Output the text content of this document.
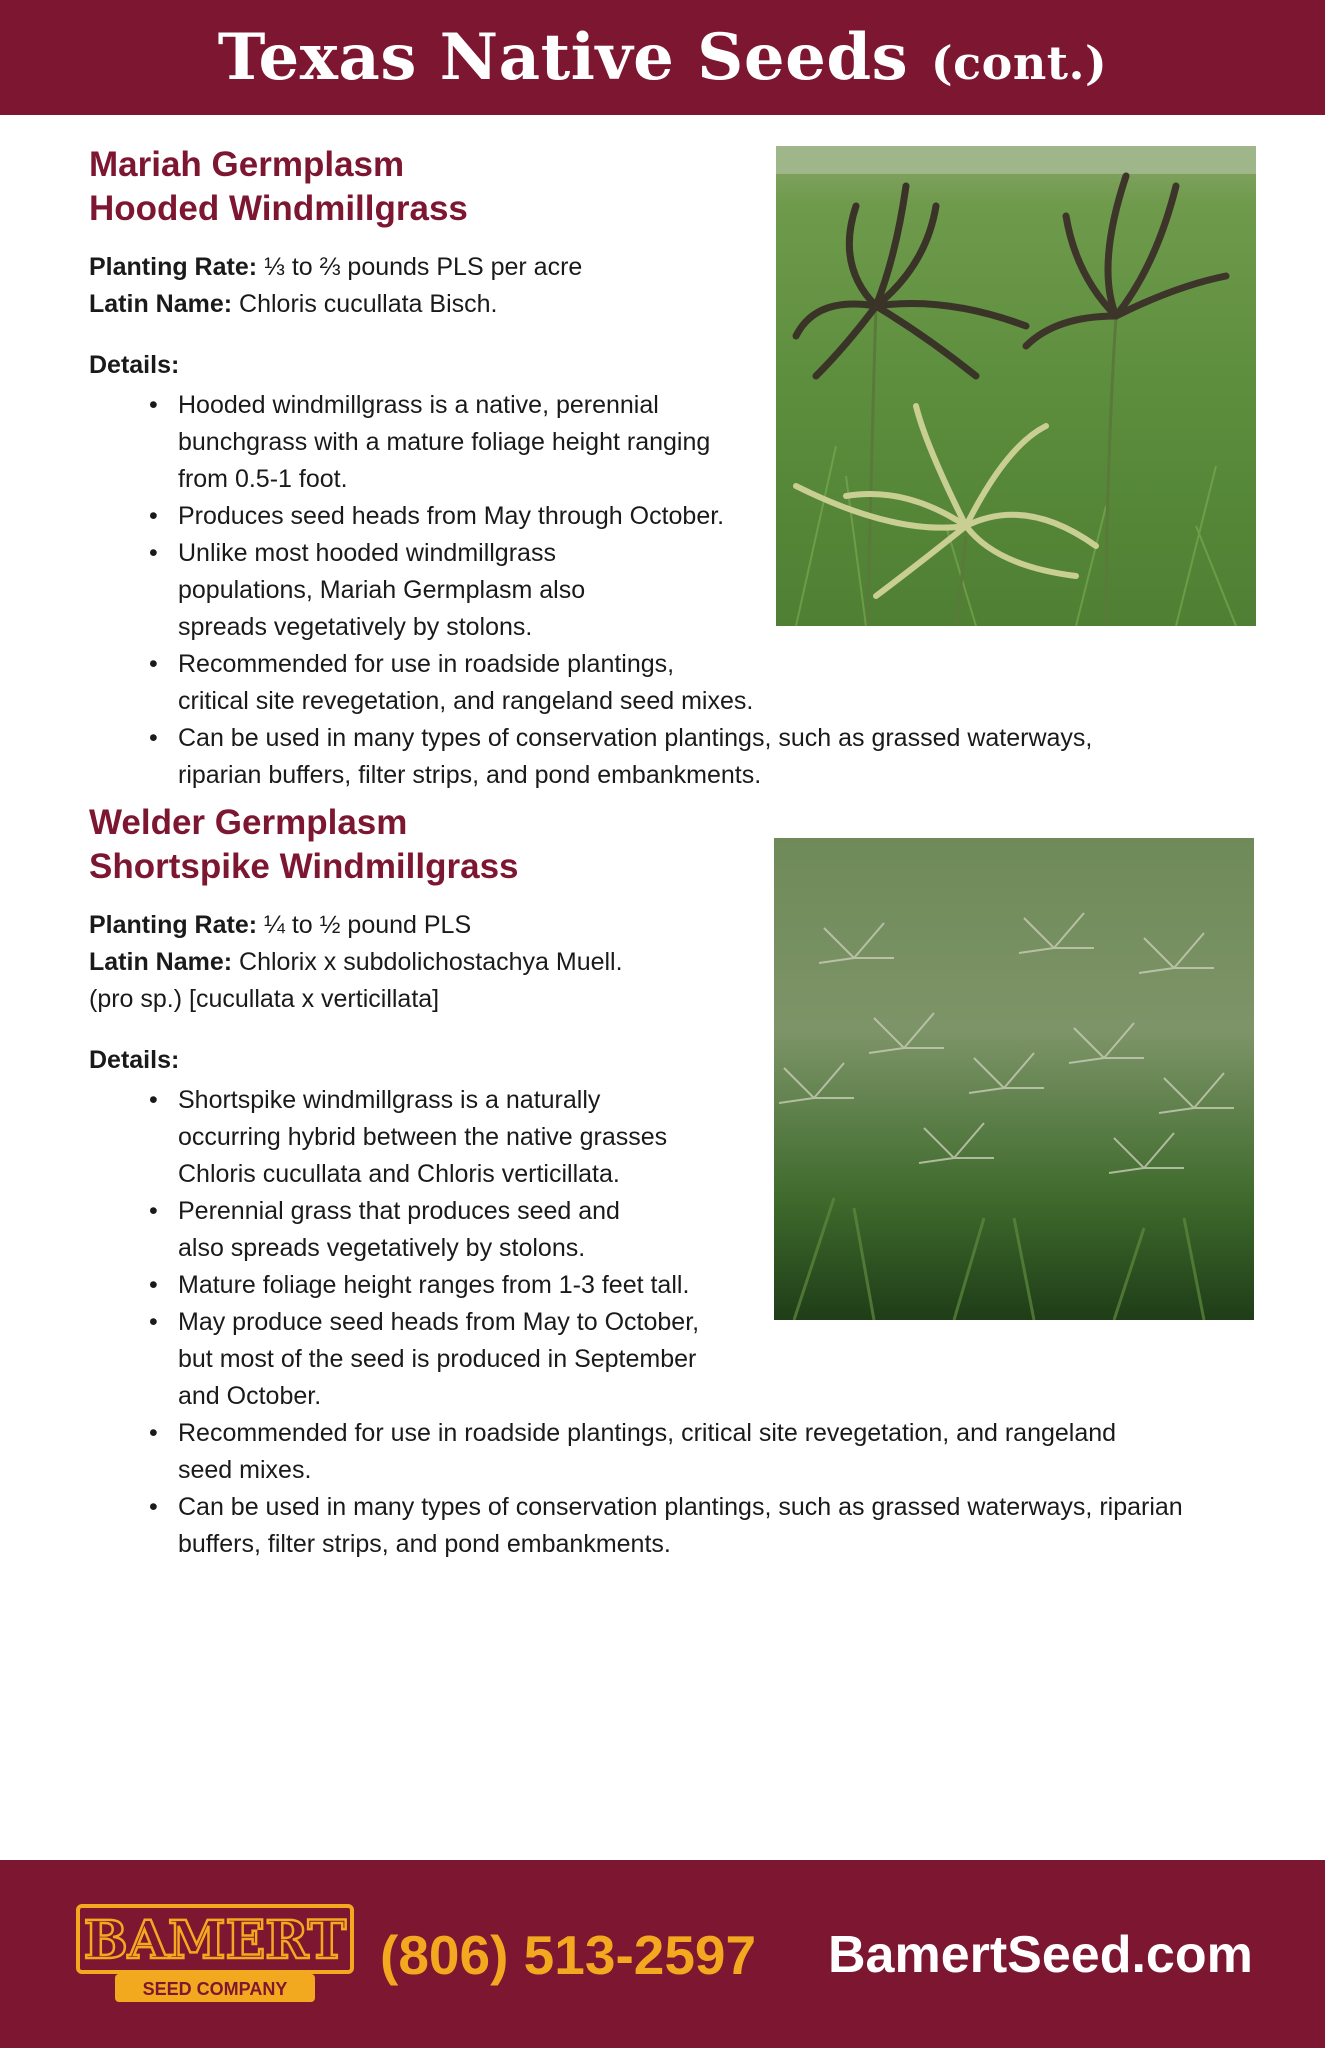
Texas Native Seeds (cont.)
Mariah Germplasm
Hooded Windmillgrass
Planting Rate: ⅓ to ⅔ pounds PLS per acre
Latin Name: Chloris cucullata Bisch.
Details:
• Hooded windmillgrass is a native, perennial
bunchgrass with a mature foliage height ranging
from 0.5-1 foot.
• Produces seed heads from May through October.
• Unlike most hooded windmillgrass
populations, Mariah Germplasm also
spreads vegetatively by stolons.
• Recommended for use in roadside plantings,
critical site revegetation, and rangeland seed mixes.
• Can be used in many types of conservation plantings, such as grassed waterways,
riparian buffers, filter strips, and pond embankments.
Welder Germplasm
Shortspike Windmillgrass
Planting Rate: ¼ to ½ pound PLS
Latin Name: Chlorix x subdolichostachya Muell.
(pro sp.) [cucullata x verticillata]
Details:
• Shortspike windmillgrass is a naturally
occurring hybrid between the native grasses
Chloris cucullata and Chloris verticillata.
• Perennial grass that produces seed and
also spreads vegetatively by stolons.
• Mature foliage height ranges from 1-3 feet tall.
• May produce seed heads from May to October,
but most of the seed is produced in September
and October.
• Recommended for use in roadside plantings, critical site revegetation, and rangeland
seed mixes.
• Can be used in many types of conservation plantings, such as grassed waterways, riparian
buffers, filter strips, and pond embankments.
BAMERT
SEED COMPANY
(806) 513-2597 BamertSeed.com
